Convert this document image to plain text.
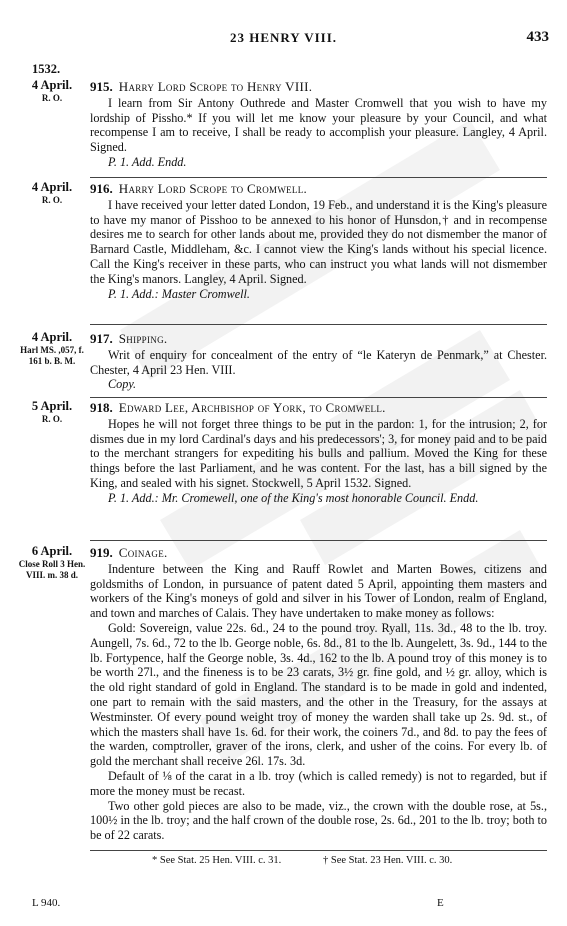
23 HENRY VIII.	433
1532.
4 April.
R. O.
915. Harry Lord Scrope to Henry VIII.
I learn from Sir Antony Outhrede and Master Cromwell that you wish to have my lordship of Pissho.* If you will let me know your pleasure by your Council, and what recompense I am to receive, I shall be ready to accomplish your pleasure. Langley, 4 April. Signed.
P. 1. Add. Endd.
4 April.
R. O.
916. Harry Lord Scrope to Cromwell.
I have received your letter dated London, 19 Feb., and understand it is the King's pleasure to have my manor of Pisshoo to be annexed to his honor of Hunsdon,† and in recompense desires me to search for other lands about me, provided they do not dismember the manor of Barnard Castle, Middleham, &c. I cannot view the King's lands without his special licence. Call the King's receiver in these parts, who can instruct you what lands will not dismember the King's manors. Langley, 4 April. Signed.
P. 1. Add.: Master Cromwell.
4 April.
Harl MS. ,057, f. 161 b. B. M.
917. Shipping.
Writ of enquiry for concealment of the entry of “le Kateryn de Penmark,” at Chester. Chester, 4 April 23 Hen. VIII.
Copy.
5 April.
R. O.
918. Edward Lee, Archbishop of York, to Cromwell.
Hopes he will not forget three things to be put in the pardon: 1, for the intrusion; 2, for dismes due in my lord Cardinal's days and his predecessors'; 3, for money paid and to be paid to the merchant strangers for expediting his bulls and pallium. Moved the King for these things before the last Parliament, and he was content. For the last, has a bill signed by the King, and sealed with his signet. Stockwell, 5 April 1532. Signed.
P. 1. Add.: Mr. Cromewell, one of the King's most honorable Council. Endd.
6 April.
Close Roll 3 Hen. VIII. m. 38 d.
919. Coinage.
Indenture between the King and Rauff Rowlet and Marten Bowes, citizens and goldsmiths of London, in pursuance of patent dated 5 April, appointing them masters and workers of the King's moneys of gold and silver in his Tower of London, realm of England, and town and marches of Calais. They have undertaken to make money as follows:
Gold: Sovereign, value 22s. 6d., 24 to the pound troy. Ryall, 11s. 3d., 48 to the lb. troy. Aungell, 7s. 6d., 72 to the lb. George noble, 6s. 8d., 81 to the lb. Aungelett, 3s. 9d., 144 to the lb. Fortypence, half the George noble, 3s. 4d., 162 to the lb. A pound troy of this money is to be worth 27l., and the fineness is to be 23 carats, 3½ gr. fine gold, and ½ gr. alloy, which is the old right standard of gold in England. The standard is to be made in gold and indented, one part to remain with the said masters, and the other in the Treasury, for the assays at Westminster. Of every pound weight troy of money the warden shall take up 2s. 9d. st., of which the masters shall have 1s. 6d. for their work, the coiners 7d., and 8d. to pay the fees of the warden, comptroller, graver of the irons, clerk, and usher of the coins. For every lb. of gold the merchant shall receive 26l. 17s. 3d.
Default of ⅛ of the carat in a lb. troy (which is called remedy) is not to regarded, but if more the money must be recast.
Two other gold pieces are also to be made, viz., the crown with the double rose, at 5s., 100½ in the lb. troy; and the half crown of the double rose, 2s. 6d., 201 to the lb. troy; both to be of 22 carats.
* See Stat. 25 Hen. VIII. c. 31.	† See Stat. 23 Hen. VIII. c. 30.
L 940.	E
